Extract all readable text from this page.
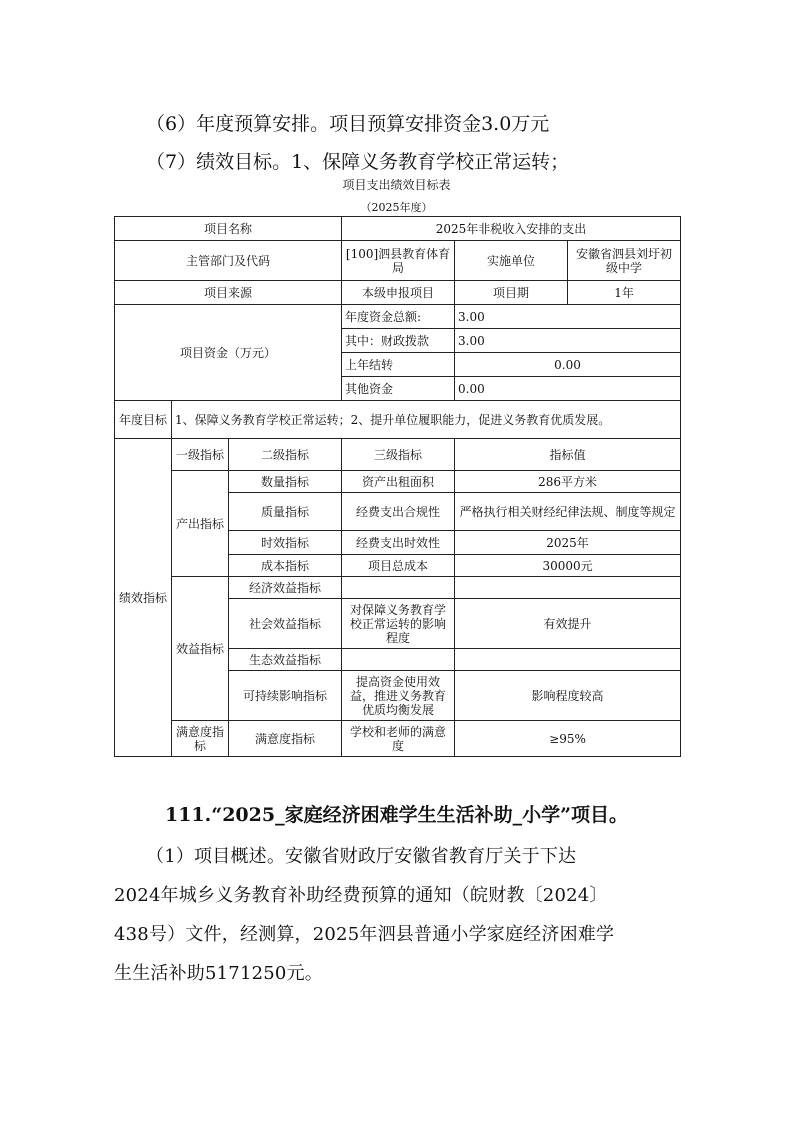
（6）年度预算安排。项目预算安排资金3.0万元
（7）绩效目标。1、保障义务教育学校正常运转；
项目支出绩效目标表
（2025年度）
项目名称			2025年非税收入安排的支出		
主管部门及代码			[100]泗县教育体育局	实施单位	安徽省泗县刘圩初级中学
项目来源			本级申报项目	项目期	1年
项目资金（万元）			年度资金总额:	3.00	
			其中：财政拨款	3.00	
			上年结转	0.00	
			其他资金	0.00	
年度目标	1、保障义务教育学校正常运转；2、提升单位履职能力，促进义务教育优质发展。				
绩效指标	一级指标	二级指标	三级指标	指标值	
	产出指标	数量指标	资产出租面积	286平方米	
		质量指标	经费支出合规性	严格执行相关财经纪律法规、制度等规定	
		时效指标	经费支出时效性	2025年	
		成本指标	项目总成本	30000元	
	效益指标	经济效益指标			
		社会效益指标	对保障义务教育学校正常运转的影响程度	有效提升	
		生态效益指标			
		可持续影响指标	提高资金使用效益，推进义务教育优质均衡发展	影响程度较高	
	满意度指标	满意度指标	学校和老师的满意度	≥95%	
111.“2025_家庭经济困难学生生活补助_小学”项目。
（1）项目概述。安徽省财政厅安徽省教育厅关于下达
2024年城乡义务教育补助经费预算的通知（皖财教〔2024〕
438号）文件，经测算，2025年泗县普通小学家庭经济困难学
生生活补助5171250元。
